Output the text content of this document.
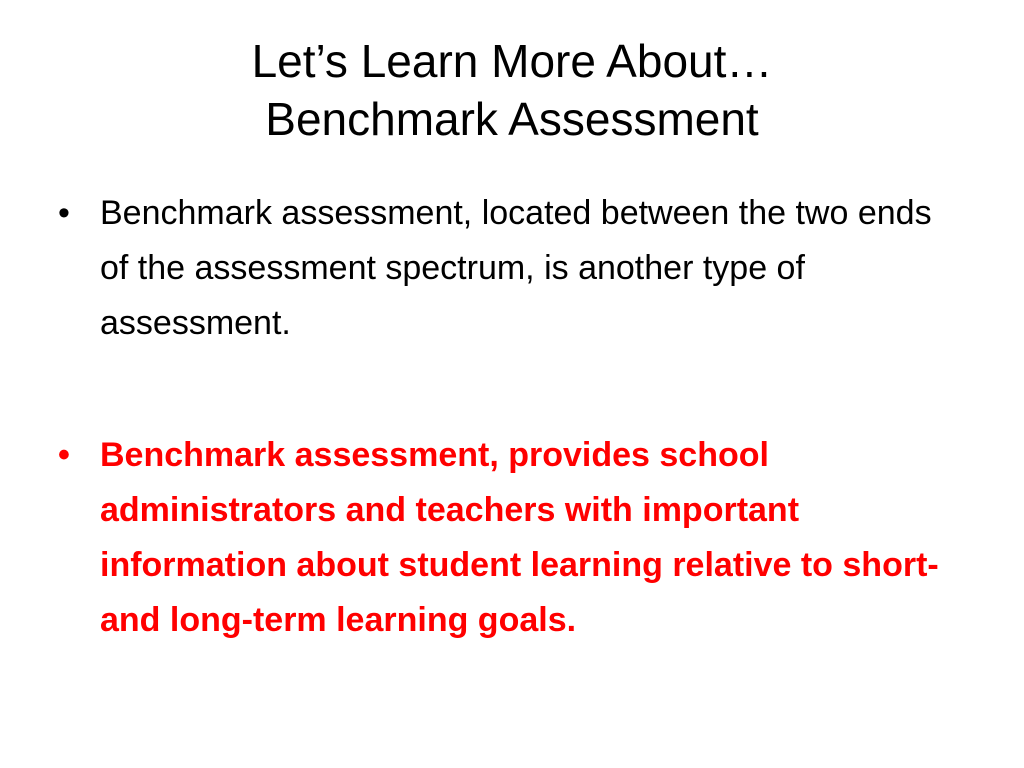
Let’s Learn More About…
Benchmark Assessment
• Benchmark assessment, located between the two ends of the assessment spectrum, is another type of assessment.
• Benchmark assessment, provides school administrators and teachers with important information about student learning relative to short- and long-term learning goals.
